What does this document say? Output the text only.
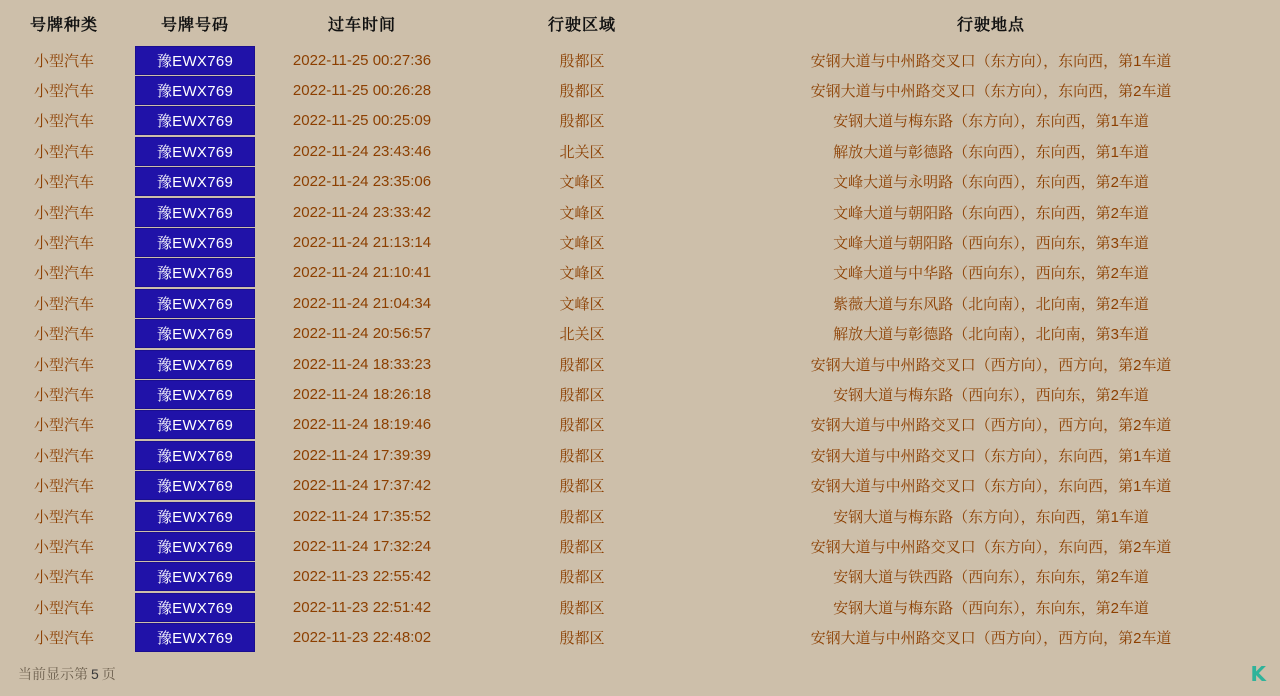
号牌种类	号牌号码	过车时间	行驶区域	行驶地点
小型汽车	豫EWX769	2022-11-25 00:27:36	殷都区	安钢大道与中州路交叉口（东方向），东向西，第1车道
小型汽车	豫EWX769	2022-11-25 00:26:28	殷都区	安钢大道与中州路交叉口（东方向），东向西，第2车道
小型汽车	豫EWX769	2022-11-25 00:25:09	殷都区	安钢大道与梅东路（东方向），东向西，第1车道
小型汽车	豫EWX769	2022-11-24 23:43:46	北关区	解放大道与彰德路（东向西），东向西，第1车道
小型汽车	豫EWX769	2022-11-24 23:35:06	文峰区	文峰大道与永明路（东向西），东向西，第2车道
小型汽车	豫EWX769	2022-11-24 23:33:42	文峰区	文峰大道与朝阳路（东向西），东向西，第2车道
小型汽车	豫EWX769	2022-11-24 21:13:14	文峰区	文峰大道与朝阳路（西向东），西向东，第3车道
小型汽车	豫EWX769	2022-11-24 21:10:41	文峰区	文峰大道与中华路（西向东），西向东，第2车道
小型汽车	豫EWX769	2022-11-24 21:04:34	文峰区	紫薇大道与东风路（北向南），北向南，第2车道
小型汽车	豫EWX769	2022-11-24 20:56:57	北关区	解放大道与彰德路（北向南），北向南，第3车道
小型汽车	豫EWX769	2022-11-24 18:33:23	殷都区	安钢大道与中州路交叉口（西方向），西方向，第2车道
小型汽车	豫EWX769	2022-11-24 18:26:18	殷都区	安钢大道与梅东路（西向东），西向东，第2车道
小型汽车	豫EWX769	2022-11-24 18:19:46	殷都区	安钢大道与中州路交叉口（西方向），西方向，第2车道
小型汽车	豫EWX769	2022-11-24 17:39:39	殷都区	安钢大道与中州路交叉口（东方向），东向西，第1车道
小型汽车	豫EWX769	2022-11-24 17:37:42	殷都区	安钢大道与中州路交叉口（东方向），东向西，第1车道
小型汽车	豫EWX769	2022-11-24 17:35:52	殷都区	安钢大道与梅东路（东方向），东向西，第1车道
小型汽车	豫EWX769	2022-11-24 17:32:24	殷都区	安钢大道与中州路交叉口（东方向），东向西，第2车道
小型汽车	豫EWX769	2022-11-23 22:55:42	殷都区	安钢大道与铁西路（西向东），东向东，第2车道
小型汽车	豫EWX769	2022-11-23 22:51:42	殷都区	安钢大道与梅东路（西向东），东向东，第2车道
小型汽车	豫EWX769	2022-11-23 22:48:02	殷都区	安钢大道与中州路交叉口（西方向），西方向，第2车道
当前显示第 5 页	K
